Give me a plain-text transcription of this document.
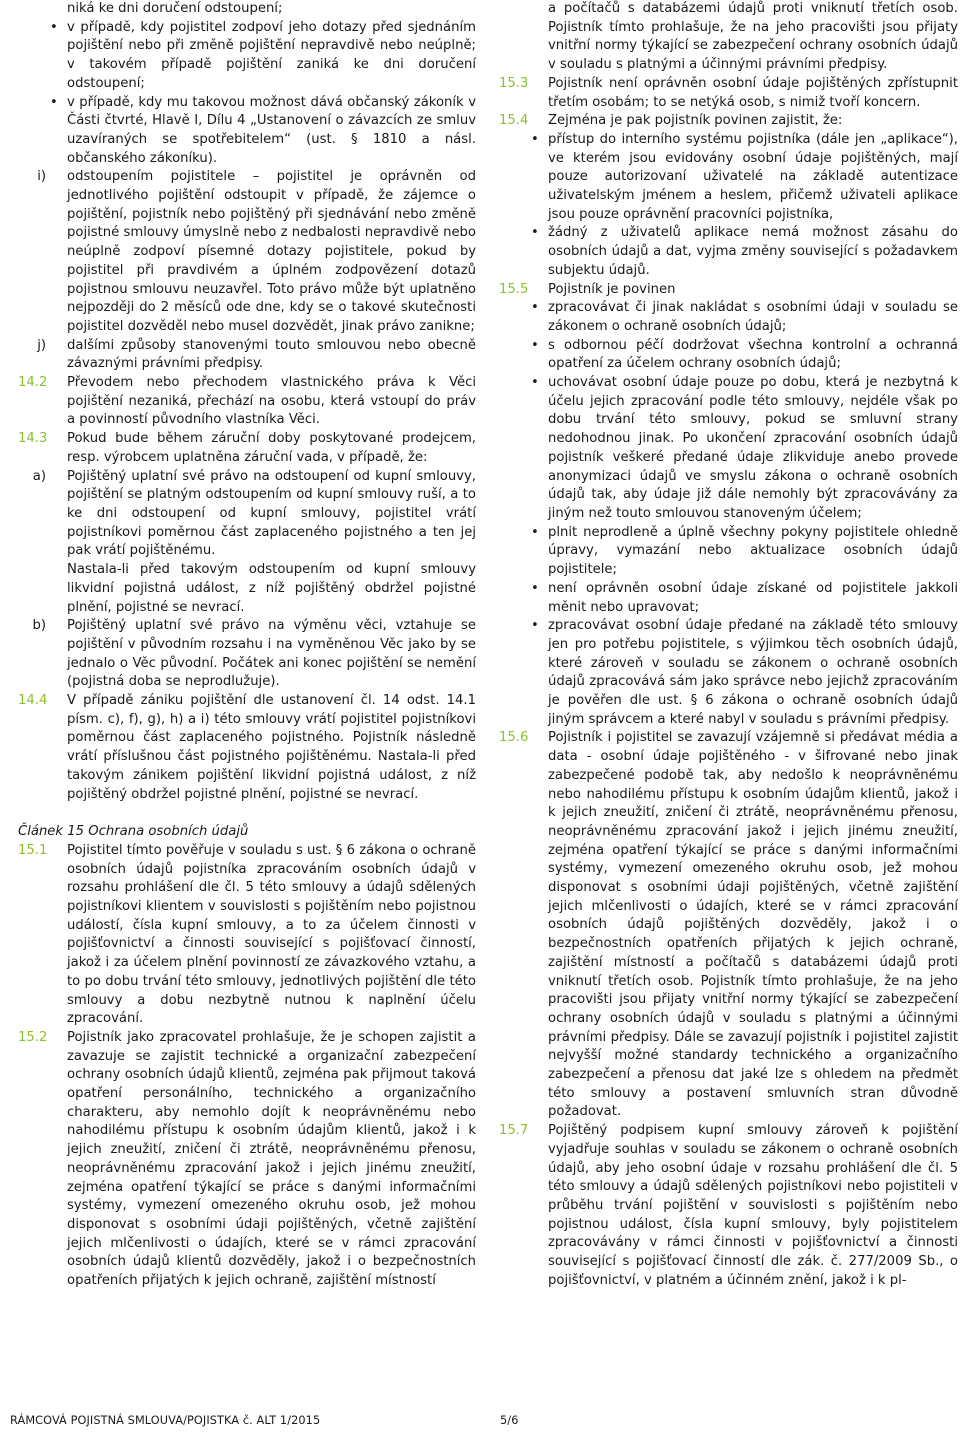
niká ke dni doručení odstoupení;
• v případě, kdy pojistitel zodpoví jeho dotazy před sjednáním pojištění nebo při změně pojištění nepravdivě nebo neúplně; v takovém případě pojištění zaniká ke dni doručení odstoupení;
• v případě, kdy mu takovou možnost dává občanský zákoník v Části čtvrté, Hlavě I, Dílu 4 „Ustanovení o závazcích ze smluv uzavíraných se spotřebitelem“ (ust. § 1810 a násl. občanského zákoníku).
i) odstoupením pojistitele – pojistitel je oprávněn od jednotlivého pojištění odstoupit v případě, že zájemce o pojištění, pojistník nebo pojištěný při sjednávání nebo změně pojistné smlouvy úmyslně nebo z nedbalosti nepravdivě nebo neúplně zodpoví písemné dotazy pojistitele, pokud by pojistitel při pravdivém a úplném zodpovězení dotazů pojistnou smlouvu neuzavřel. Toto právo může být uplatněno nejpozději do 2 měsíců ode dne, kdy se o takové skutečnosti pojistitel dozvěděl nebo musel dozvědět, jinak právo zanikne;
j) dalšími způsoby stanovenými touto smlouvou nebo obecně závaznými právními předpisy.
14.2 Převodem nebo přechodem vlastnického práva k Věci pojištění nezaniká, přechází na osobu, která vstoupí do práv a povinností původního vlastníka Věci.
14.3 Pokud bude během záruční doby poskytované prodejcem, resp. výrobcem uplatněna záruční vada, v případě, že:
a) Pojištěný uplatní své právo na odstoupení od kupní smlouvy, pojištění se platným odstoupením od kupní smlouvy ruší, a to ke dni odstoupení od kupní smlouvy, pojistitel vrátí pojistníkovi poměrnou část zaplaceného pojistného a ten jej pak vrátí pojištěnému.
Nastala-li před takovým odstoupením od kupní smlouvy likvidní pojistná událost, z níž pojištěný obdržel pojistné plnění, pojistné se nevrací.
b) Pojištěný uplatní své právo na výměnu věci, vztahuje se pojištění v původním rozsahu i na vyměněnou Věc jako by se jednalo o Věc původní. Počátek ani konec pojištění se nemění (pojistná doba se neprodlužuje).
14.4 V případě zániku pojištění dle ustanovení čl. 14 odst. 14.1 písm. c), f), g), h) a i) této smlouvy vrátí pojistitel pojistníkovi poměrnou část zaplaceného pojistného. Pojistník následně vrátí příslušnou část pojistného pojištěnému. Nastala-li před takovým zánikem pojištění likvidní pojistná událost, z níž pojištěný obdržel pojistné plnění, pojistné se nevrací.
Článek 15 Ochrana osobních údajů
15.1 Pojistitel tímto pověřuje v souladu s ust. § 6 zákona o ochraně osobních údajů pojistníka zpracováním osobních údajů v rozsahu prohlášení dle čl. 5 této smlouvy a údajů sdělených pojistníkovi klientem v souvislosti s pojištěním nebo pojistnou událostí, čísla kupní smlouvy, a to za účelem činnosti v pojišťovnictví a činnosti související s pojišťovací činností, jakož i za účelem plnění povinností ze závazkového vztahu, a to po dobu trvání této smlouvy, jednotlivých pojištění dle této smlouvy a dobu nezbytně nutnou k naplnění účelu zpracování.
15.2 Pojistník jako zpracovatel prohlašuje, že je schopen zajistit a zavazuje se zajistit technické a organizační zabezpečení ochrany osobních údajů klientů, zejména pak přijmout taková opatření personálního, technického a organizačního charakteru, aby nemohlo dojít k neoprávněnému nebo nahodilému přístupu k osobním údajům klientů, jakož i k jejich zneužití, zničení či ztrátě, neoprávněnému přenosu, neoprávněnému zpracování jakož i jejich jinému zneužití, zejména opatření týkající se práce s danými informačními systémy, vymezení omezeného okruhu osob, jež mohou disponovat s osobními údaji pojištěných, včetně zajištění jejich mlčenlivosti o údajích, které se v rámci zpracování osobních údajů klientů dozvěděly, jakož i o bezpečnostních opatřeních přijatých k jejich ochraně, zajištění místností
a počítačů s databázemi údajů proti vniknutí třetích osob. Pojistník tímto prohlašuje, že na jeho pracovišti jsou přijaty vnitřní normy týkající se zabezpečení ochrany osobních údajů v souladu s platnými a účinnými právními předpisy.
15.3 Pojistník není oprávněn osobní údaje pojištěných zpřístupnit třetím osobám; to se netýká osob, s nimiž tvoří koncern.
15.4 Zejména je pak pojistník povinen zajistit, že:
• přístup do interního systému pojistníka (dále jen „aplikace“), ve kterém jsou evidovány osobní údaje pojištěných, mají pouze autorizovaní uživatelé na základě autentizace uživatelským jménem a heslem, přičemž uživateli aplikace jsou pouze oprávnění pracovníci pojistníka,
• žádný z uživatelů aplikace nemá možnost zásahu do osobních údajů a dat, vyjma změny související s požadavkem subjektu údajů.
15.5 Pojistník je povinen
• zpracovávat či jinak nakládat s osobními údaji v souladu se zákonem o ochraně osobních údajů;
• s odbornou péčí dodržovat všechna kontrolní a ochranná opatření za účelem ochrany osobních údajů;
• uchovávat osobní údaje pouze po dobu, která je nezbytná k účelu jejich zpracování podle této smlouvy, nejdéle však po dobu trvání této smlouvy, pokud se smluvní strany nedohodnou jinak. Po ukončení zpracování osobních údajů pojistník veškeré předané údaje zlikviduje anebo provede anonymizaci údajů ve smyslu zákona o ochraně osobních údajů tak, aby údaje již dále nemohly být zpracovávány za jiným než touto smlouvou stanoveným účelem;
• plnit neprodleně a úplně všechny pokyny pojistitele ohledně úpravy, vymazání nebo aktualizace osobních údajů pojistitele;
• není oprávněn osobní údaje získané od pojistitele jakkoli měnit nebo upravovat;
• zpracovávat osobní údaje předané na základě této smlouvy jen pro potřebu pojistitele, s výjimkou těch osobních údajů, které zároveň v souladu se zákonem o ochraně osobních údajů zpracovává sám jako správce nebo jejichž zpracováním je pověřen dle ust. § 6 zákona o ochraně osobních údajů jiným správcem a které nabyl v souladu s právními předpisy.
15.6 Pojistník i pojistitel se zavazují vzájemně si předávat média a data - osobní údaje pojištěného - v šifrované nebo jinak zabezpečené podobě tak, aby nedošlo k neoprávněnému nebo nahodilému přístupu k osobním údajům klientů, jakož i k jejich zneužití, zničení či ztrátě, neoprávněnému přenosu, neoprávněnému zpracování jakož i jejich jinému zneužití, zejména opatření týkající se práce s danými informačními systémy, vymezení omezeného okruhu osob, jež mohou disponovat s osobními údaji pojištěných, včetně zajištění jejich mlčenlivosti o údajích, které se v rámci zpracování osobních údajů pojištěných dozvěděly, jakož i o bezpečnostních opatřeních přijatých k jejich ochraně, zajištění místností a počítačů s databázemi údajů proti vniknutí třetích osob. Pojistník tímto prohlašuje, že na jeho pracovišti jsou přijaty vnitřní normy týkající se zabezpečení ochrany osobních údajů v souladu s platnými a účinnými právními předpisy. Dále se zavazují pojistník i pojistitel zajistit nejvyšší možné standardy technického a organizačního zabezpečení a přenosu dat jaké lze s ohledem na předmět této smlouvy a postavení smluvních stran důvodně požadovat.
15.7 Pojištěný podpisem kupní smlouvy zároveň k pojištění vyjadřuje souhlas v souladu se zákonem o ochraně osobních údajů, aby jeho osobní údaje v rozsahu prohlášení dle čl. 5 této smlouvy a údajů sdělených pojistníkovi nebo pojistiteli v průběhu trvání pojištění v souvislosti s pojištěním nebo pojistnou událost, čísla kupní smlouvy, byly pojistitelem zpracovávány v rámci činnosti v pojišťovnictví a činnosti související s pojišťovací činností dle zák. č. 277/2009 Sb., o pojišťovnictví, v platném a účinném znění, jakož i k pl-
RÁMCOVÁ POJISTNÁ SMLOUVA/POJISTKA č. ALT 1/2015	5/6
